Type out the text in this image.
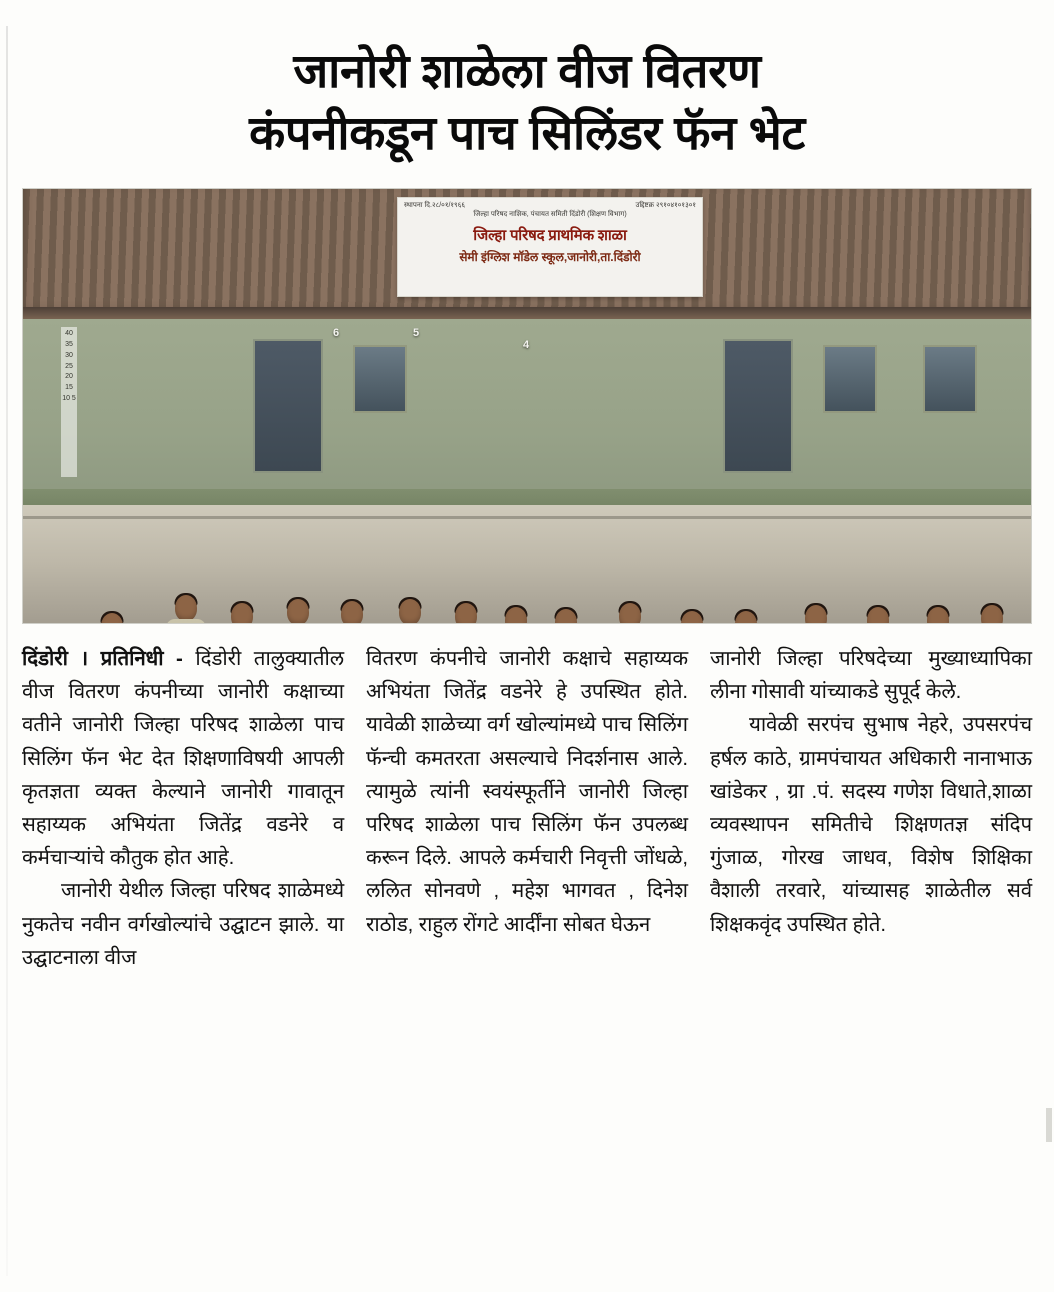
जानोरी शाळेला वीज वितरण
कंपनीकडून पाच सिलिंडर फॅन भेट
40 35 30 25 20 15 10 5
6	5
4
स्थापना दि.२८/०१/१९६६	उद्दिष्टक्र २९१०४१०१३०१
जिल्हा परिषद नाशिक, पंचायत समिती दिंडोरी (शिक्षण विभाग)
जिल्हा परिषद प्राथमिक शाळा
सेमी इंग्लिश मॉडेल स्कूल,जानोरी,ता.दिंडोरी

दिंडोरी । प्रतिनिधी - दिंडोरी तालुक्यातील वीज वितरण कंपनीच्या जानोरी कक्षाच्या वतीने जानोरी जिल्हा परिषद शाळेला पाच सिलिंग फॅन भेट देत शिक्षणाविषयी आपली कृतज्ञता व्यक्त केल्याने जानोरी गावातून सहाय्यक अभियंता जितेंद्र वडनेरे व कर्मचाऱ्यांचे कौतुक होत आहे.

जानोरी येथील जिल्हा परिषद शाळेमध्ये नुकतेच नवीन वर्गखोल्यांचे उद्घाटन झाले. या उद्घाटनाला वीज

वितरण कंपनीचे जानोरी कक्षाचे सहाय्यक अभियंता जितेंद्र वडनेरे हे उपस्थित होते. यावेळी शाळेच्या वर्ग खोल्यांमध्ये पाच सिलिंग फॅन्ची कमतरता असल्याचे निदर्शनास आले. त्यामुळे त्यांनी स्वयंस्फूर्तीने जानोरी जिल्हा परिषद शाळेला पाच सिलिंग फॅन उपलब्ध करून दिले. आपले कर्मचारी निवृत्ती जोंधळे, ललित सोनवणे , महेश भागवत , दिनेश राठोड, राहुल रोंगटे आर्दींना सोबत घेऊन

जानोरी जिल्हा परिषदेच्या मुख्याध्यापिका लीना गोसावी यांच्याकडे सुपूर्द केले.

यावेळी सरपंच सुभाष नेहरे, उपसरपंच हर्षल काठे, ग्रामपंचायत अधिकारी नानाभाऊ खांडेकर , ग्रा .पं. सदस्य गणेश विधाते,शाळा व्यवस्थापन समितीचे शिक्षणतज्ञ संदिप गुंजाळ, गोरख जाधव, विशेष शिक्षिका वैशाली तरवारे, यांच्यासह शाळेतील सर्व शिक्षकवृंद उपस्थित होते.
